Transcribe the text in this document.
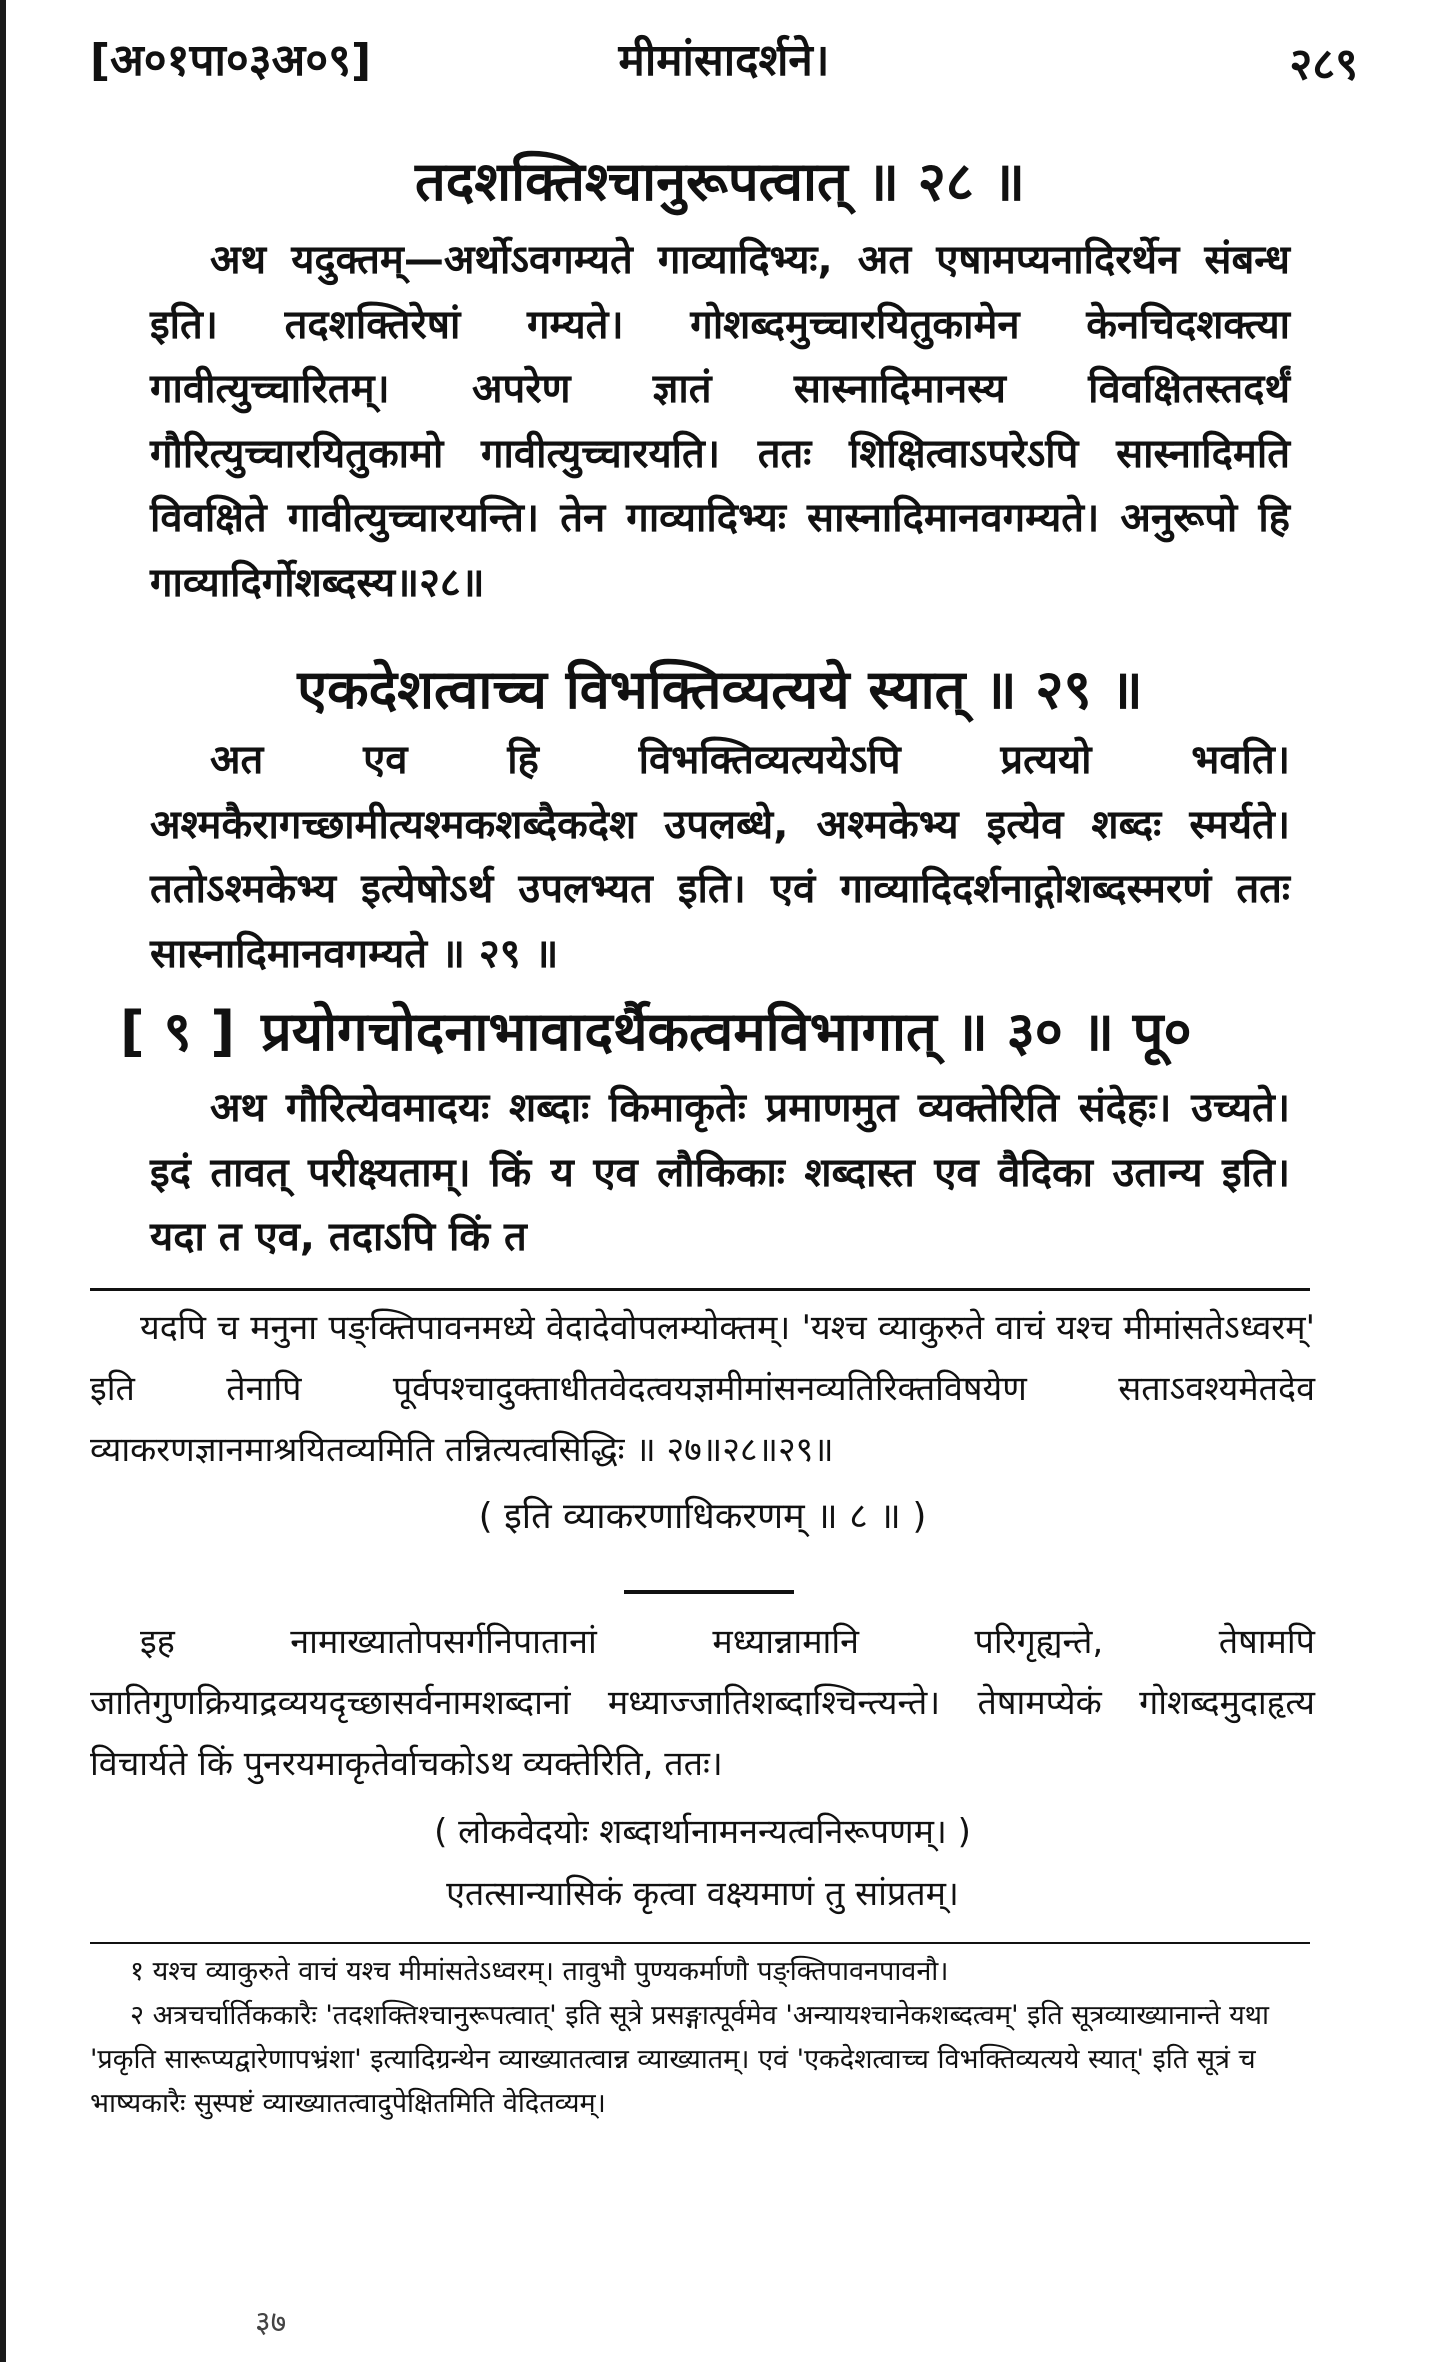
[अ०१पा०३अ०९]	मीमांसादर्शने।	२८९
तदशक्तिश्चानुरूपत्वात् ॥ २८ ॥

अथ यदुक्तम्—अर्थोऽवगम्यते गाव्यादिभ्यः, अत एषामप्यनादिरर्थेन संबन्ध इति। तदशक्तिरेषां गम्यते। गोशब्दमुच्चारयितुकामेन केनचिदशक्त्या गावीत्युच्चारितम्। अपरेण ज्ञातं सास्नादिमानस्य विवक्षितस्तदर्थं गौरित्युच्चारयितुकामो गावीत्युच्चारयति। ततः शिक्षित्वाऽपरेऽपि सास्नादिमति विवक्षिते गावीत्युच्चारयन्ति। तेन गाव्यादिभ्यः सास्नादिमानवगम्यते। अनुरूपो हि गाव्यादिर्गोशब्दस्य॥२८॥

एकदेशत्वाच्च विभक्तिव्यत्यये स्यात् ॥ २९ ॥

अत एव हि विभक्तिव्यत्ययेऽपि प्रत्ययो भवति। अश्मकैरागच्छामीत्यश्मकशब्दैकदेश उपलब्धे, अश्मकेभ्य इत्येव शब्दः स्मर्यते। ततोऽश्मकेभ्य इत्येषोऽर्थ उपलभ्यत इति। एवं गाव्यादिदर्शनाद्गोशब्दस्मरणं ततः सास्नादिमानवगम्यते ॥ २९ ॥

[ ९ ] प्रयोगचोदनाभावादर्थैकत्वमविभागात् ॥ ३० ॥ पू०

अथ गौरित्येवमादयः शब्दाः किमाकृतेः प्रमाणमुत व्यक्तेरिति संदेहः। उच्यते। इदं तावत् परीक्ष्यताम्। किं य एव लौकिकाः शब्दास्त एव वैदिका उतान्य इति। यदा त एव, तदाऽपि किं त

यदपि च मनुना पङ्क्तिपावनमध्ये वेदादेवोपलम्योक्तम्। 'यश्च व्याकुरुते वाचं यश्च मीमांसतेऽध्वरम्' इति तेनापि पूर्वपश्चादुक्ताधीतवेदत्वयज्ञमीमांसनव्यतिरिक्तविषयेण सताऽवश्यमेतदेव व्याकरणज्ञानमाश्रयितव्यमिति तन्नित्यत्वसिद्धिः ॥ २७॥२८॥२९॥

( इति व्याकरणाधिकरणम् ॥ ८ ॥ )

इह नामाख्यातोपसर्गनिपातानां मध्यान्नामानि परिगृह्यन्ते, तेषामपि जातिगुणक्रियाद्रव्ययदृच्छासर्वनामशब्दानां मध्याज्जातिशब्दाश्चिन्त्यन्ते। तेषामप्येकं गोशब्दमुदाहृत्य विचार्यते किं पुनरयमाकृतेर्वाचकोऽथ व्यक्तेरिति, ततः।

( लोकवेदयोः शब्दार्थानामनन्यत्वनिरूपणम्। )
एतत्सान्यासिकं कृत्वा वक्ष्यमाणं तु सांप्रतम्।

१ यश्च व्याकुरुते वाचं यश्च मीमांसतेऽध्वरम्। तावुभौ पुण्यकर्माणौ पङ्क्तिपावनपावनौ।

२ अत्रचर्चार्तिककारैः 'तदशक्तिश्चानुरूपत्वात्' इति सूत्रे प्रसङ्गात्पूर्वमेव 'अन्यायश्चानेकशब्दत्वम्' इति सूत्रव्याख्यानान्ते यथा 'प्रकृति सारूप्यद्वारेणापभ्रंशा' इत्यादिग्रन्थेन व्याख्यातत्वान्न व्याख्यातम्। एवं 'एकदेशत्वाच्च विभक्तिव्यत्यये स्यात्' इति सूत्रं च भाष्यकारैः सुस्पष्टं व्याख्यातत्वादुपेक्षितमिति वेदितव्यम्।

३७
